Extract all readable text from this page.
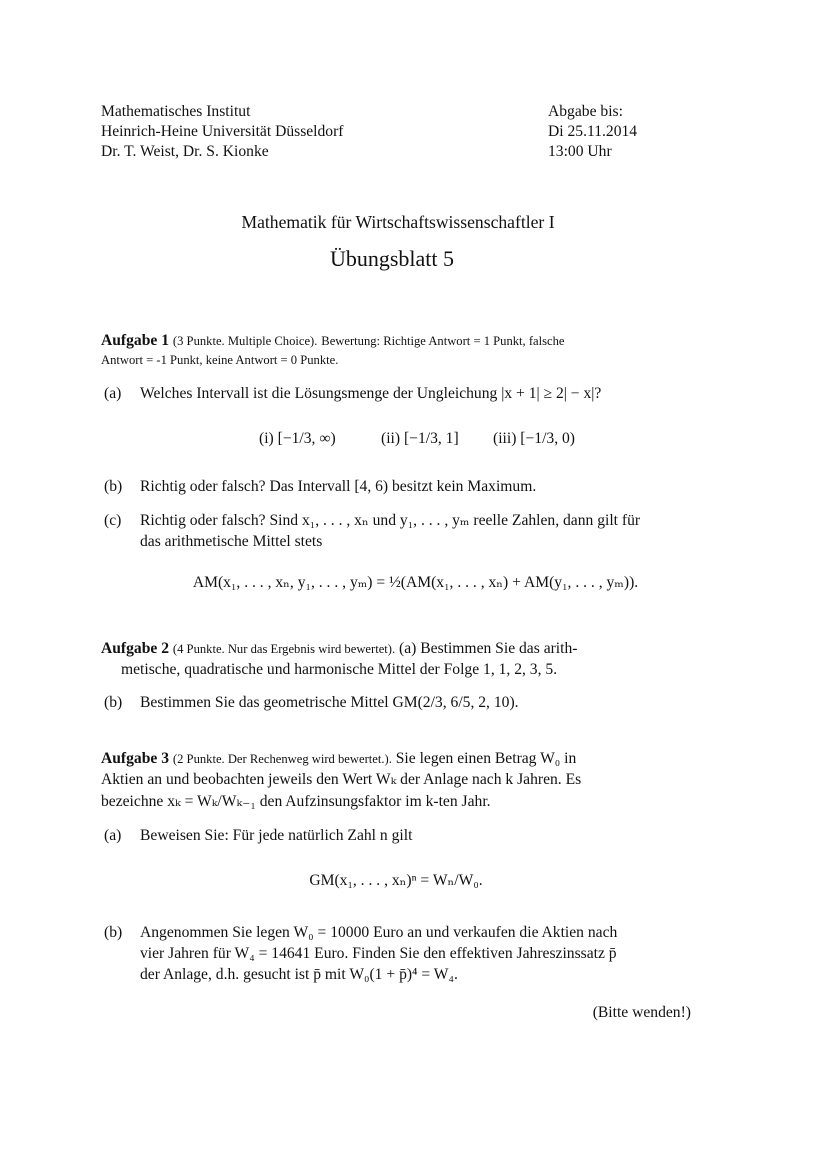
Mathematisches Institut
Heinrich-Heine Universität Düsseldorf
Dr. T. Weist, Dr. S. Kionke
Abgabe bis:
Di 25.11.2014
13:00 Uhr
Mathematik für Wirtschaftswissenschaftler I
Übungsblatt 5
Aufgabe 1 (3 Punkte. Multiple Choice). Bewertung: Richtige Antwort = 1 Punkt, falsche
Antwort = -1 Punkt, keine Antwort = 0 Punkte.
(a) Welches Intervall ist die Lösungsmenge der Ungleichung |x + 1| ≥ 2| − x|?
(i) [−1/3, ∞)	(ii) [−1/3, 1] (iii) [−1/3, 0)
(b) Richtig oder falsch? Das Intervall [4, 6) besitzt kein Maximum.
(c) Richtig oder falsch? Sind x₁, . . . , xₙ und y₁, . . . , yₘ reelle Zahlen, dann gilt für
das arithmetische Mittel stets
AM(x₁, . . . , xₙ, y₁, . . . , yₘ) = ½(AM(x₁, . . . , xₙ) + AM(y₁, . . . , yₘ)).
Aufgabe 2 (4 Punkte. Nur das Ergebnis wird bewertet). (a) Bestimmen Sie das arith-
metische, quadratische und harmonische Mittel der Folge 1, 1, 2, 3, 5.
(b) Bestimmen Sie das geometrische Mittel GM(2/3, 6/5, 2, 10).
Aufgabe 3 (2 Punkte. Der Rechenweg wird bewertet.). Sie legen einen Betrag W₀ in
Aktien an und beobachten jeweils den Wert Wₖ der Anlage nach k Jahren. Es
bezeichne xₖ = Wₖ/Wₖ₋₁ den Aufzinsungsfaktor im k-ten Jahr.
(a) Beweisen Sie: Für jede natürlich Zahl n gilt
GM(x₁, . . . , xₙ)ⁿ = Wₙ/W₀.
(b) Angenommen Sie legen W₀ = 10000 Euro an und verkaufen die Aktien nach
vier Jahren für W₄ = 14641 Euro. Finden Sie den effektiven Jahreszinssatz p̄
der Anlage, d.h. gesucht ist p̄ mit W₀(1 + p̄)⁴ = W₄.
(Bitte wenden!)
